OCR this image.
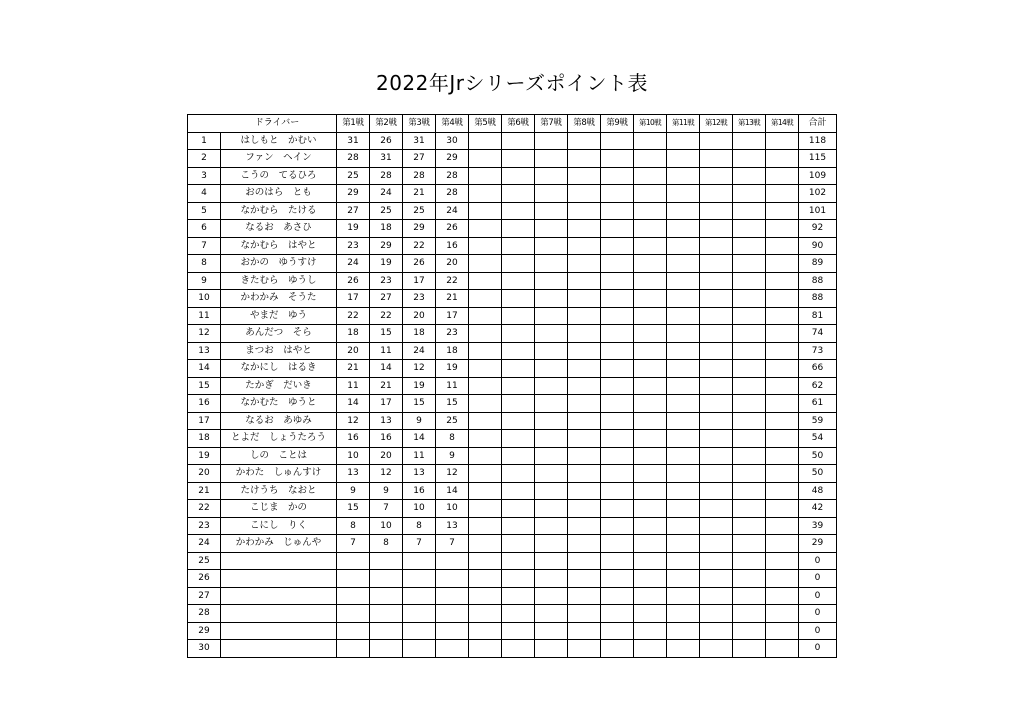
2022年Jrシリーズポイント表
ドライバー		第1戦	第2戦	第3戦	第4戦	第5戦	第6戦	第7戦	第8戦	第9戦	第10戦	第11戦	第12戦	第13戦	第14戦	合計
1	はしもと　かむい	31	26	31	30											118
2	ファン　ヘイン	28	31	27	29											115
3	こうの　てるひろ	25	28	28	28											109
4	おのはら　とも	29	24	21	28											102
5	なかむら　たける	27	25	25	24											101
6	なるお　あさひ	19	18	29	26											92
7	なかむら　はやと	23	29	22	16											90
8	おかの　ゆうすけ	24	19	26	20											89
9	きたむら　ゆうし	26	23	17	22											88
10	かわかみ　そうた	17	27	23	21											88
11	やまだ　ゆう	22	22	20	17											81
12	あんだつ　そら	18	15	18	23											74
13	まつお　はやと	20	11	24	18											73
14	なかにし　はるき	21	14	12	19											66
15	たかぎ　だいき	11	21	19	11											62
16	なかむた　ゆうと	14	17	15	15											61
17	なるお　あゆみ	12	13	9	25											59
18	とよだ　しょうたろう	16	16	14	8											54
19	しの　ことは	10	20	11	9											50
20	かわた　しゅんすけ	13	12	13	12											50
21	たけうち　なおと	9	9	16	14											48
22	こじま　かの	15	7	10	10											42
23	こにし　りく	8	10	8	13											39
24	かわかみ　じゅんや	7	8	7	7											29
25																0
26																0
27																0
28																0
29																0
30																0
